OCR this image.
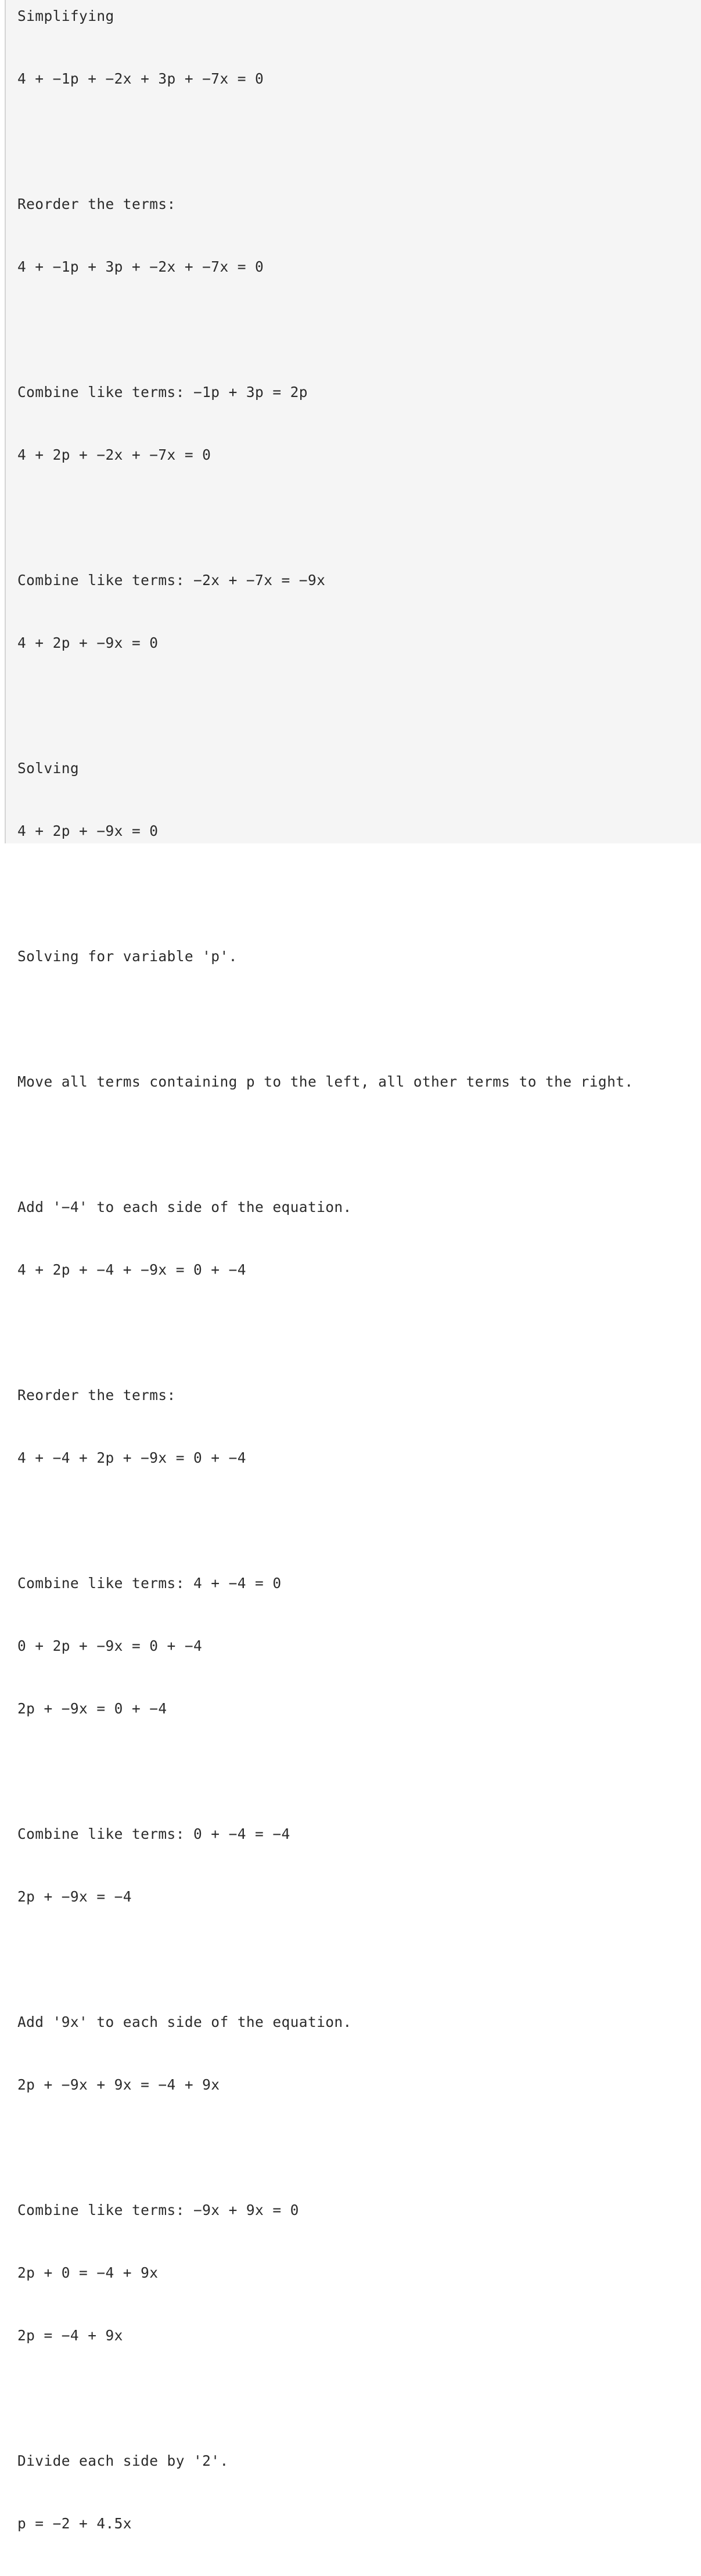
Simplifying

4 + −1p + −2x + 3p + −7x = 0

Reorder the terms:

4 + −1p + 3p + −2x + −7x = 0

Combine like terms: −1p + 3p = 2p

4 + 2p + −2x + −7x = 0

Combine like terms: −2x + −7x = −9x

4 + 2p + −9x = 0

Solving

4 + 2p + −9x = 0

Solving for variable 'p'.

Move all terms containing p to the left, all other terms to the right.

Add '−4' to each side of the equation.

4 + 2p + −4 + −9x = 0 + −4

Reorder the terms:

4 + −4 + 2p + −9x = 0 + −4

Combine like terms: 4 + −4 = 0

0 + 2p + −9x = 0 + −4

2p + −9x = 0 + −4

Combine like terms: 0 + −4 = −4

2p + −9x = −4

Add '9x' to each side of the equation.

2p + −9x + 9x = −4 + 9x

Combine like terms: −9x + 9x = 0

2p + 0 = −4 + 9x

2p = −4 + 9x

Divide each side by '2'.

p = −2 + 4.5x
